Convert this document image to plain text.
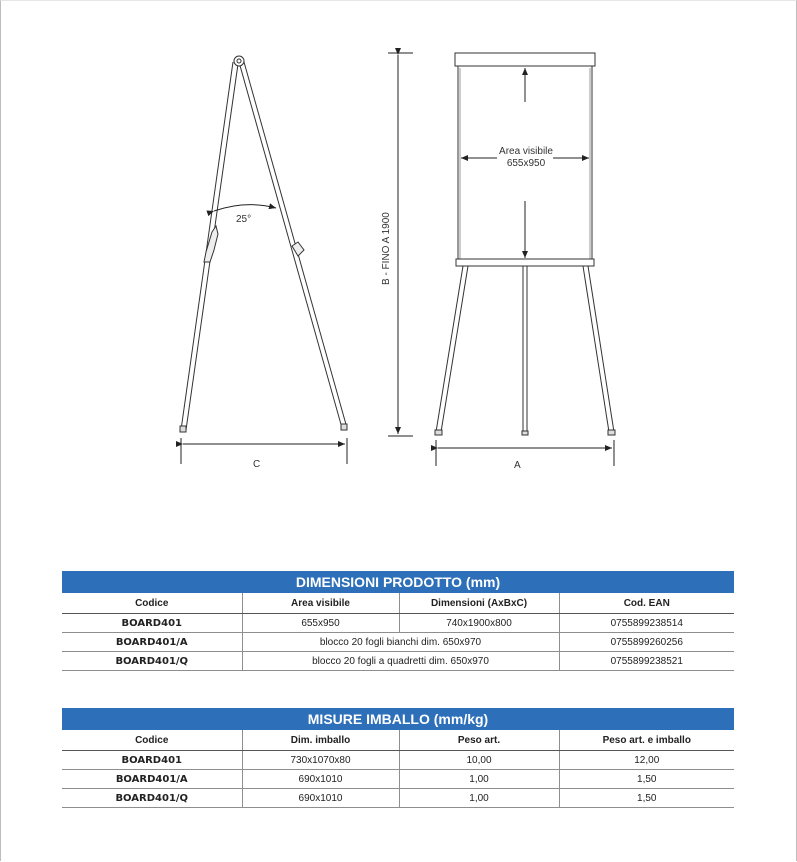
25°
C
B - FINO A 1900
Area visibile
655x950
A
DIMENSIONI PRODOTTO (mm)
Codice	Area visibile	Dimensioni (AxBxC)	Cod. EAN
BOARD401	655x950	740x1900x800	0755899238514
BOARD401/A	blocco 20 fogli bianchi dim. 650x970		0755899260256
BOARD401/Q	blocco 20 fogli a quadretti dim. 650x970		0755899238521
MISURE IMBALLO (mm/kg)
Codice	Dim. imballo	Peso art.	Peso art. e imballo
BOARD401	730x1070x80	10,00	12,00
BOARD401/A	690x1010	1,00	1,50
BOARD401/Q	690x1010	1,00	1,50
